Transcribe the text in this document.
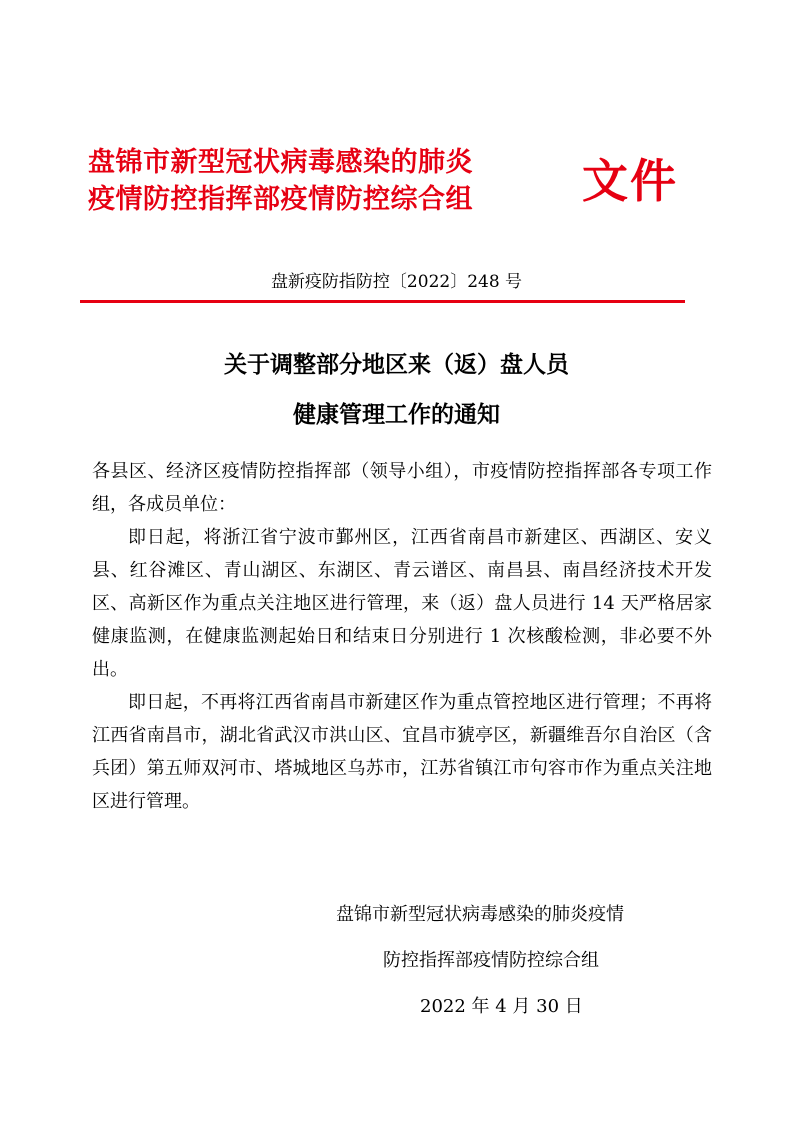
盘锦市新型冠状病毒感染的肺炎
疫情防控指挥部疫情防控综合组	文件
盘新疫防指防控〔2022〕248 号
关于调整部分地区来（返）盘人员
健康管理工作的通知

各县区、经济区疫情防控指挥部（领导小组），市疫情防控指挥部各专项工作组，各成员单位：

即日起，将浙江省宁波市鄞州区，江西省南昌市新建区、西湖区、安义县、红谷滩区、青山湖区、东湖区、青云谱区、南昌县、南昌经济技术开发区、高新区作为重点关注地区进行管理，来（返）盘人员进行 14 天严格居家健康监测，在健康监测起始日和结束日分别进行 1 次核酸检测，非必要不外出。

即日起，不再将江西省南昌市新建区作为重点管控地区进行管理；不再将江西省南昌市，湖北省武汉市洪山区、宜昌市猇亭区，新疆维吾尔自治区（含兵团）第五师双河市、塔城地区乌苏市，江苏省镇江市句容市作为重点关注地区进行管理。

盘锦市新型冠状病毒感染的肺炎疫情
防控指挥部疫情防控综合组
2022 年 4 月 30 日
